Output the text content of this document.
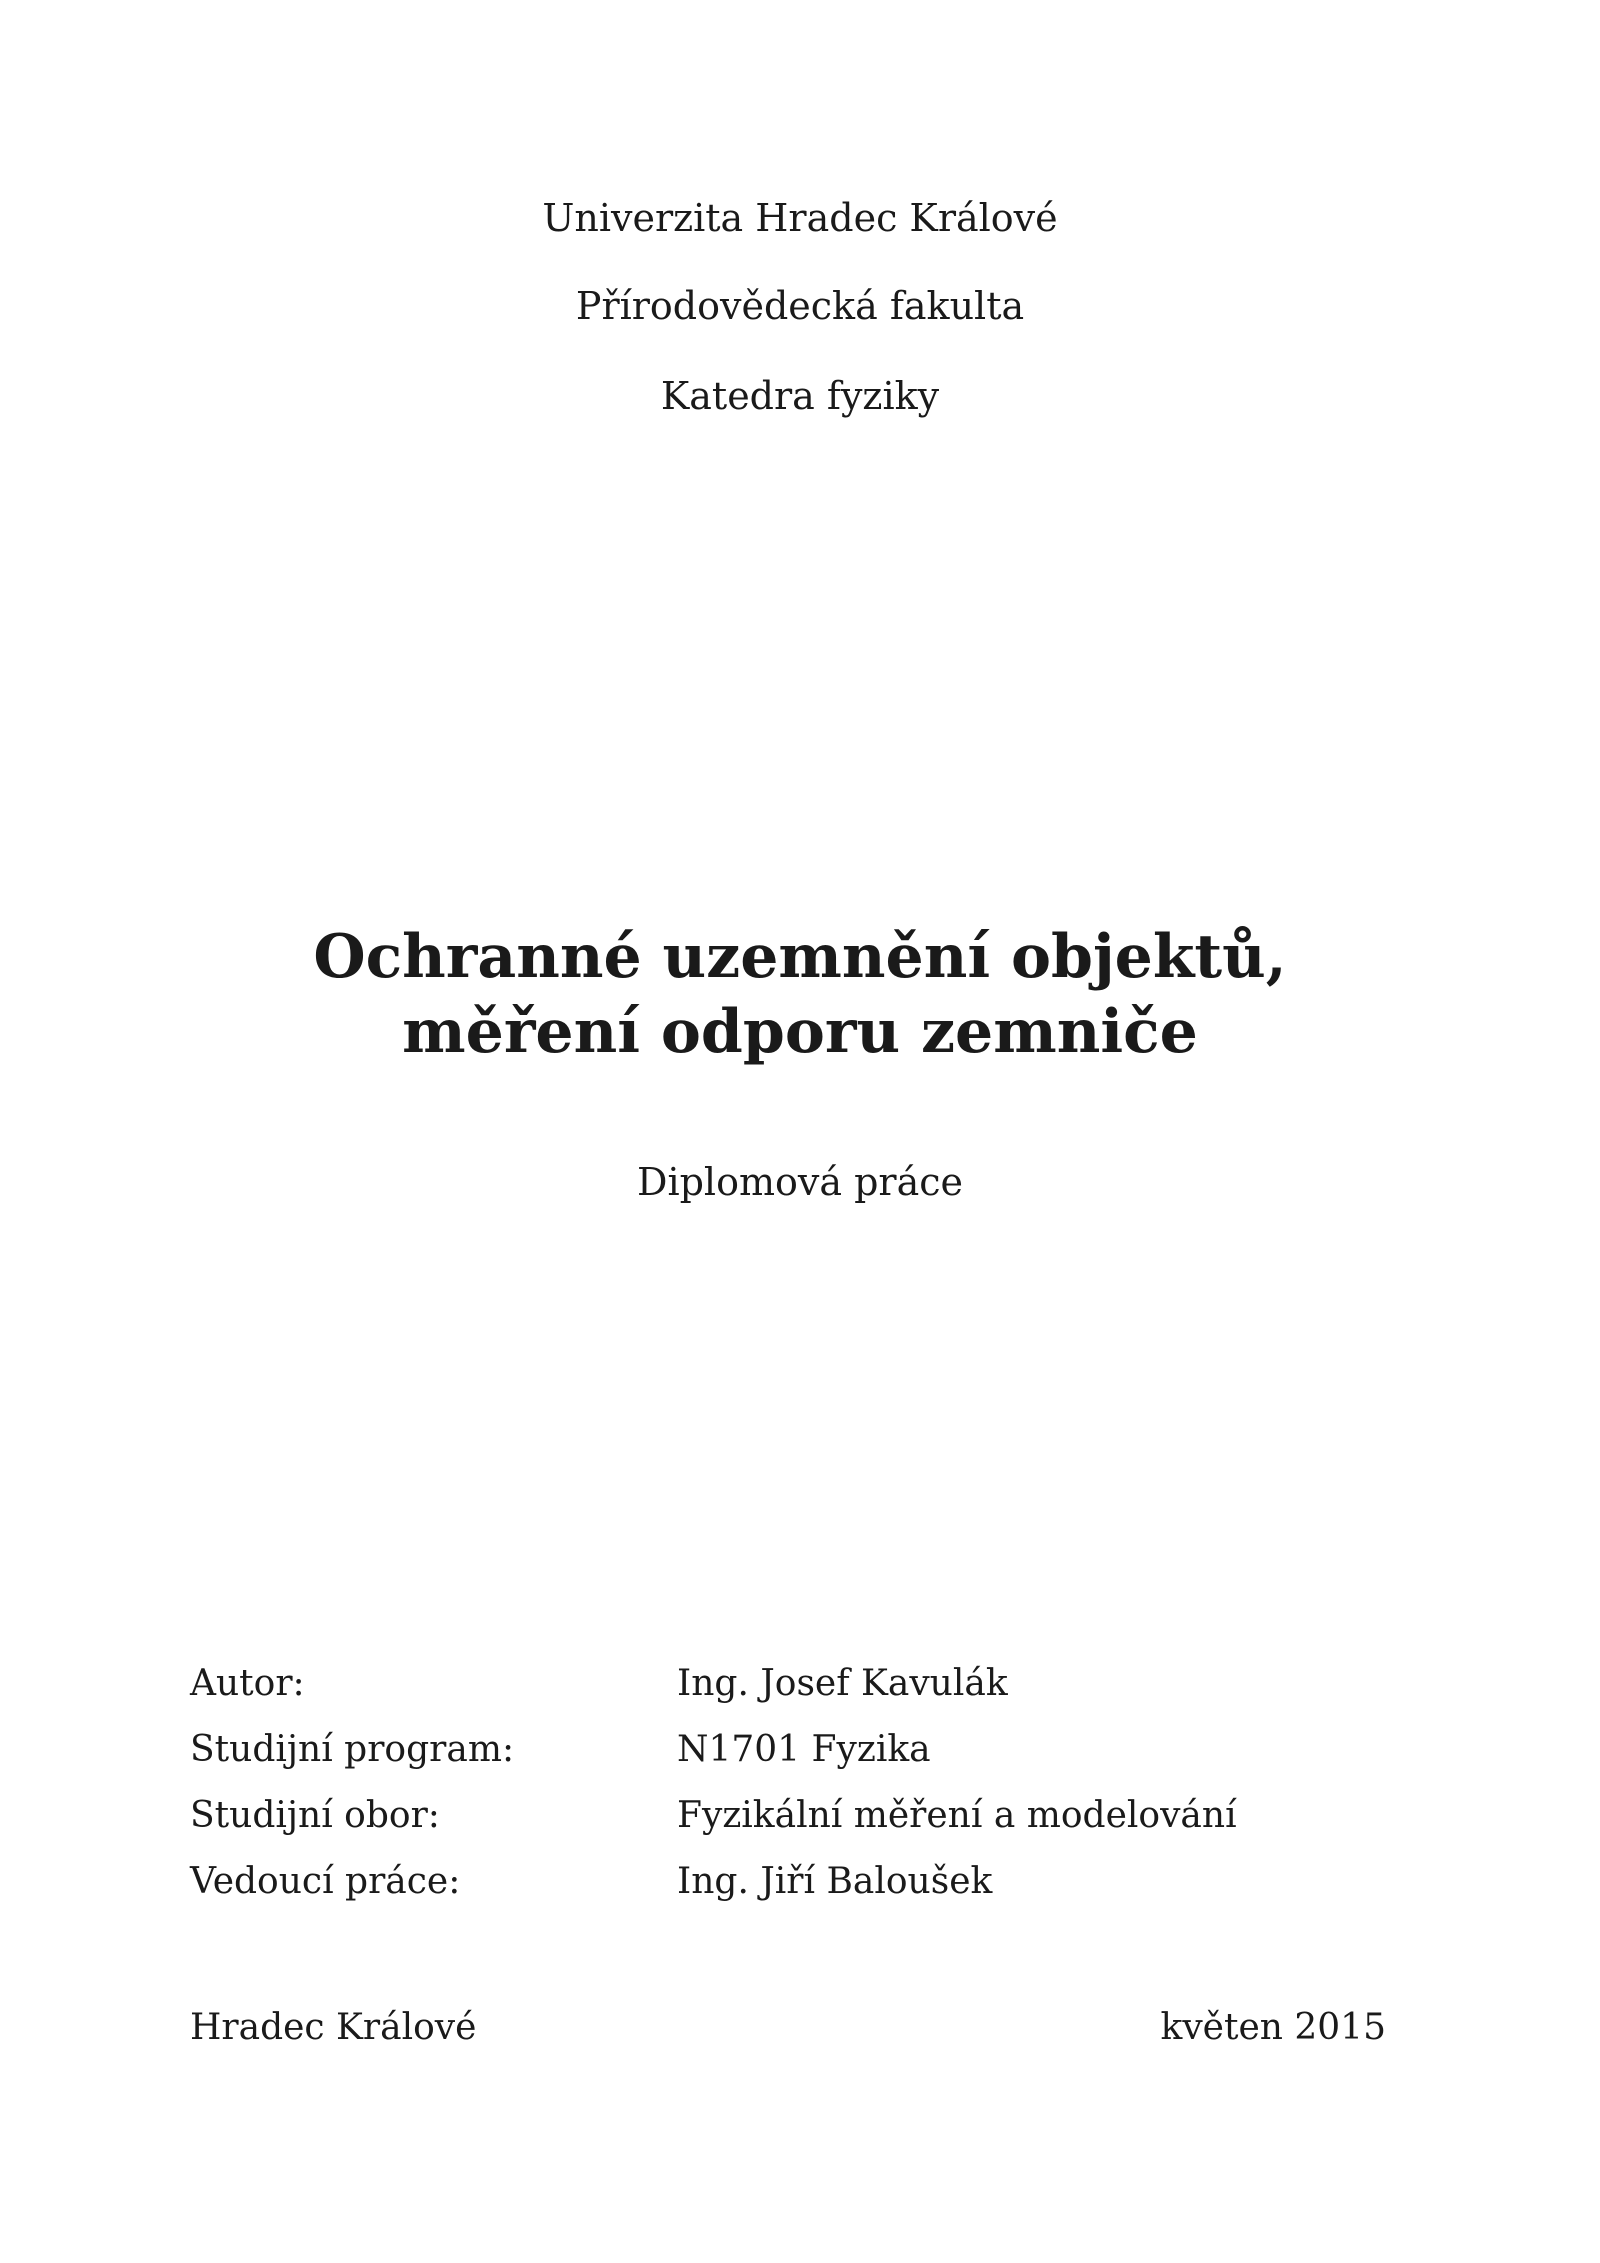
Univerzita Hradec Králové
Přírodovědecká fakulta
Katedra fyziky
Ochranné uzemnění objektů,
měření odporu zemniče
Diplomová práce
Autor:	Ing. Josef Kavulák
Studijní program:	N1701 Fyzika
Studijní obor:	Fyzikální měření a modelování
Vedoucí práce:	Ing. Jiří Baloušek
Hradec Králové	květen 2015
